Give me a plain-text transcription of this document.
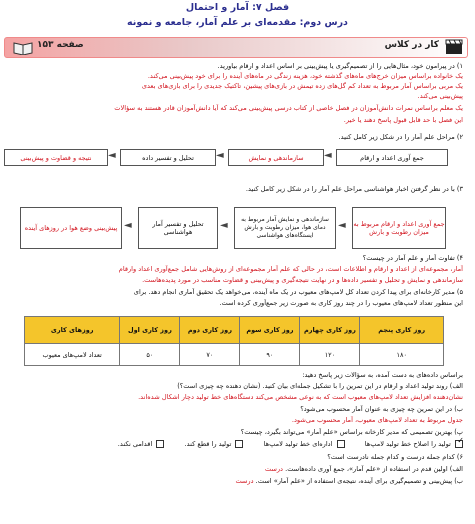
فصل ۷: آمار و احتمال
درس دوم: مقدمه‌ای بر علم آمار، جامعه و نمونه
کار در کلاس
صفحه ۱۵۳
۱) در پیرامون خود، مثال‌هایی را از تصمیم‌گیری یا پیش‌بینی بر اساس اعداد و ارقام بیاورید.
یک خانواده براساس میزان خرج‌های ماه‌های گذشته خود، هزینه زندگی در ماه‌های آینده را برای خود پیش‌بینی می‌کند.
یک مربی براساس آمار مربوط به تعداد کم گل‌های زده تیمش در بازی‌های پیشین، تاکتیک جدیدی را برای بازی‌های بعدی
پیش‌بینی می‌کند.
یک معلم براساس نمرات دانش‌آموزان در فصل خاصی از کتاب درسی پیش‌بینی می‌کند که آیا دانش‌آموزان قادر هستند به سؤالات
این فصل با حد قابل قبول پاسخ دهند یا خیر.
۲) مراحل علم آمار را در شکل زیر کامل کنید.
جمع آوری اعداد و ارقام
◄
سازماندهی و نمایش
◄
تحلیل و تفسیر داده
◄
نتیجه و قضاوت و پیش‌بینی
۳) با در نظر گرفتن اخبار هواشناسی مراحل علم آمار را در شکل زیر کامل کنید.
جمع آوری اعداد و ارقام مربوط به میزان رطوبت و بارش
◄
سازماندهی و نمایش آمار مربوط به دمای هوا، میزان رطوبت و بارش ایستگاه‌های هواشناسی
◄
تحلیل و تفسیر آمار هواشناسی
◄
پیش‌بینی وضع هوا در روزهای آینده
۴) تفاوت آمار و علم آمار در چیست؟
آمار، مجموعه‌ای از اعداد و ارقام و اطلاعات است، در حالی که علم آمار مجموعه‌ای از روش‌هایی شامل جمع‌آوری اعداد وارقام
سازماندهی و نمایش و تحلیل و تفسیر داده‌ها و در نهایت نتیجه‌گیری و پیش‌بینی و قضاوت مناسب در مورد پدیده‌هاست.
۵) مدیر کارخانه‌ای برای پیدا کردن تعداد کل لامپ‌های معیوب در یک ماه آینده، می‌خواهد یک تحقیق آماری انجام دهد. برای
این منظور تعداد لامپ‌های معیوب را در چند روز کاری به صورت زیر جمع‌آوری کرده است.
روز کاری پنجم	روز کاری چهارم	روز کاری سوم	روز کاری دوم	روز کاری اول	روزهای کاری
۱۸۰	۱۲۰	۹۰	۷۰	۵۰	تعداد لامپ‌های معیوب
براساس داده‌های به دست آمده، به سؤالات زیر پاسخ دهید:
الف) روند تولید اعداد و ارقام در این تمرین را با تشکیل جمله‌ای بیان کنید. (نشان دهنده چه چیزی است؟)
نشان‌دهنده افزایش تعداد لامپ‌های معیوب است که به نوعی مشخص می‌کند دستگاه‌های خط تولید دچار اشکال شده‌اند.
ب) در این تمرین چه چیزی به عنوان آمار محسوب می‌شود؟
جدول مربوط به تعداد لامپ‌های معیوب، آمار محسوب می‌شود.
پ) بهترین تصمیمی که مدیر کارخانه براساس «علم آمار» می‌تواند بگیرد، چیست؟
✓ تولید را اصلاح خط تولید لامپ‌ها   اداره‌ای خط تولید لامپ‌ها   تولید را قطع کند.   اقدامی نکند.
۶) کدام جمله درست و کدام جمله نادرست است؟
الف) اولین قدم در استفاده از «علم آمار»، جمع آوری داده‌هاست. درست
ب) پیش‌بینی و تصمیم‌گیری برای آینده، نتیجه‌ی استفاده از «علم آمار» است. درست
